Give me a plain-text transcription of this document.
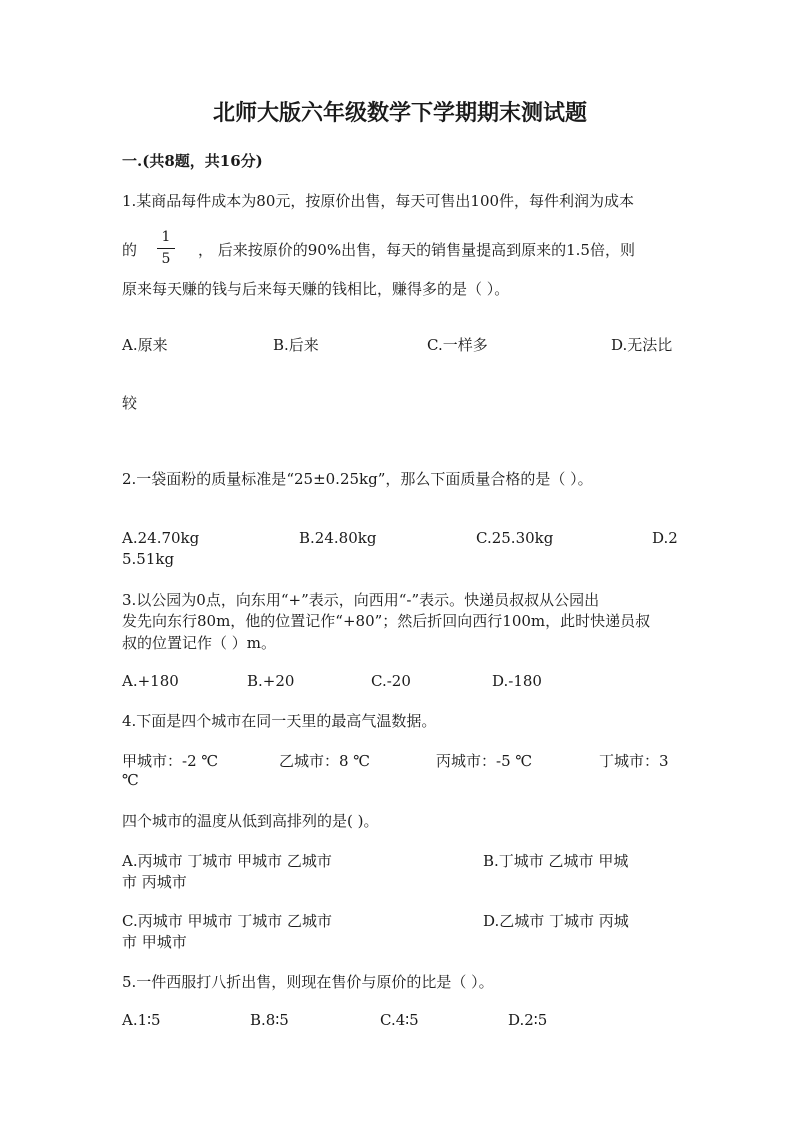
北师大版六年级数学下学期期末测试题
一.(共8题，共16分)
1.某商品每件成本为80元，按原价出售，每天可售出100件，每件利润为成本
的
1
5	， 后来按原价的90%出售，每天的销售量提高到原来的1.5倍，则
原来每天赚的钱与后来每天赚的钱相比，赚得多的是（ ）。
A.原来	B.后来	C.一样多	D.无法比
较
2.一袋面粉的质量标准是“25±0.25kg”，那么下面质量合格的是（ ）。
A.24.70kg	B.24.80kg	C.25.30kg	D.2
5.51kg
3.以公园为0点，向东用“+”表示，向西用“-”表示。快递员叔叔从公园出
发先向东行80m，他的位置记作“+80”；然后折回向西行100m，此时快递员叔
叔的位置记作（ ）m。
A.+180	B.+20	C.-20	D.-180
4.下面是四个城市在同一天里的最高气温数据。
甲城市：-2 ℃	乙城市：8 ℃	丙城市：-5 ℃	丁城市：3
℃
四个城市的温度从低到高排列的是( )。
A.丙城市 丁城市 甲城市 乙城市	B.丁城市 乙城市 甲城
市 丙城市
C.丙城市 甲城市 丁城市 乙城市	D.乙城市 丁城市 丙城
市 甲城市
5.一件西服打八折出售，则现在售价与原价的比是（ ）。
A.1∶5	B.8∶5	C.4∶5	D.2∶5
